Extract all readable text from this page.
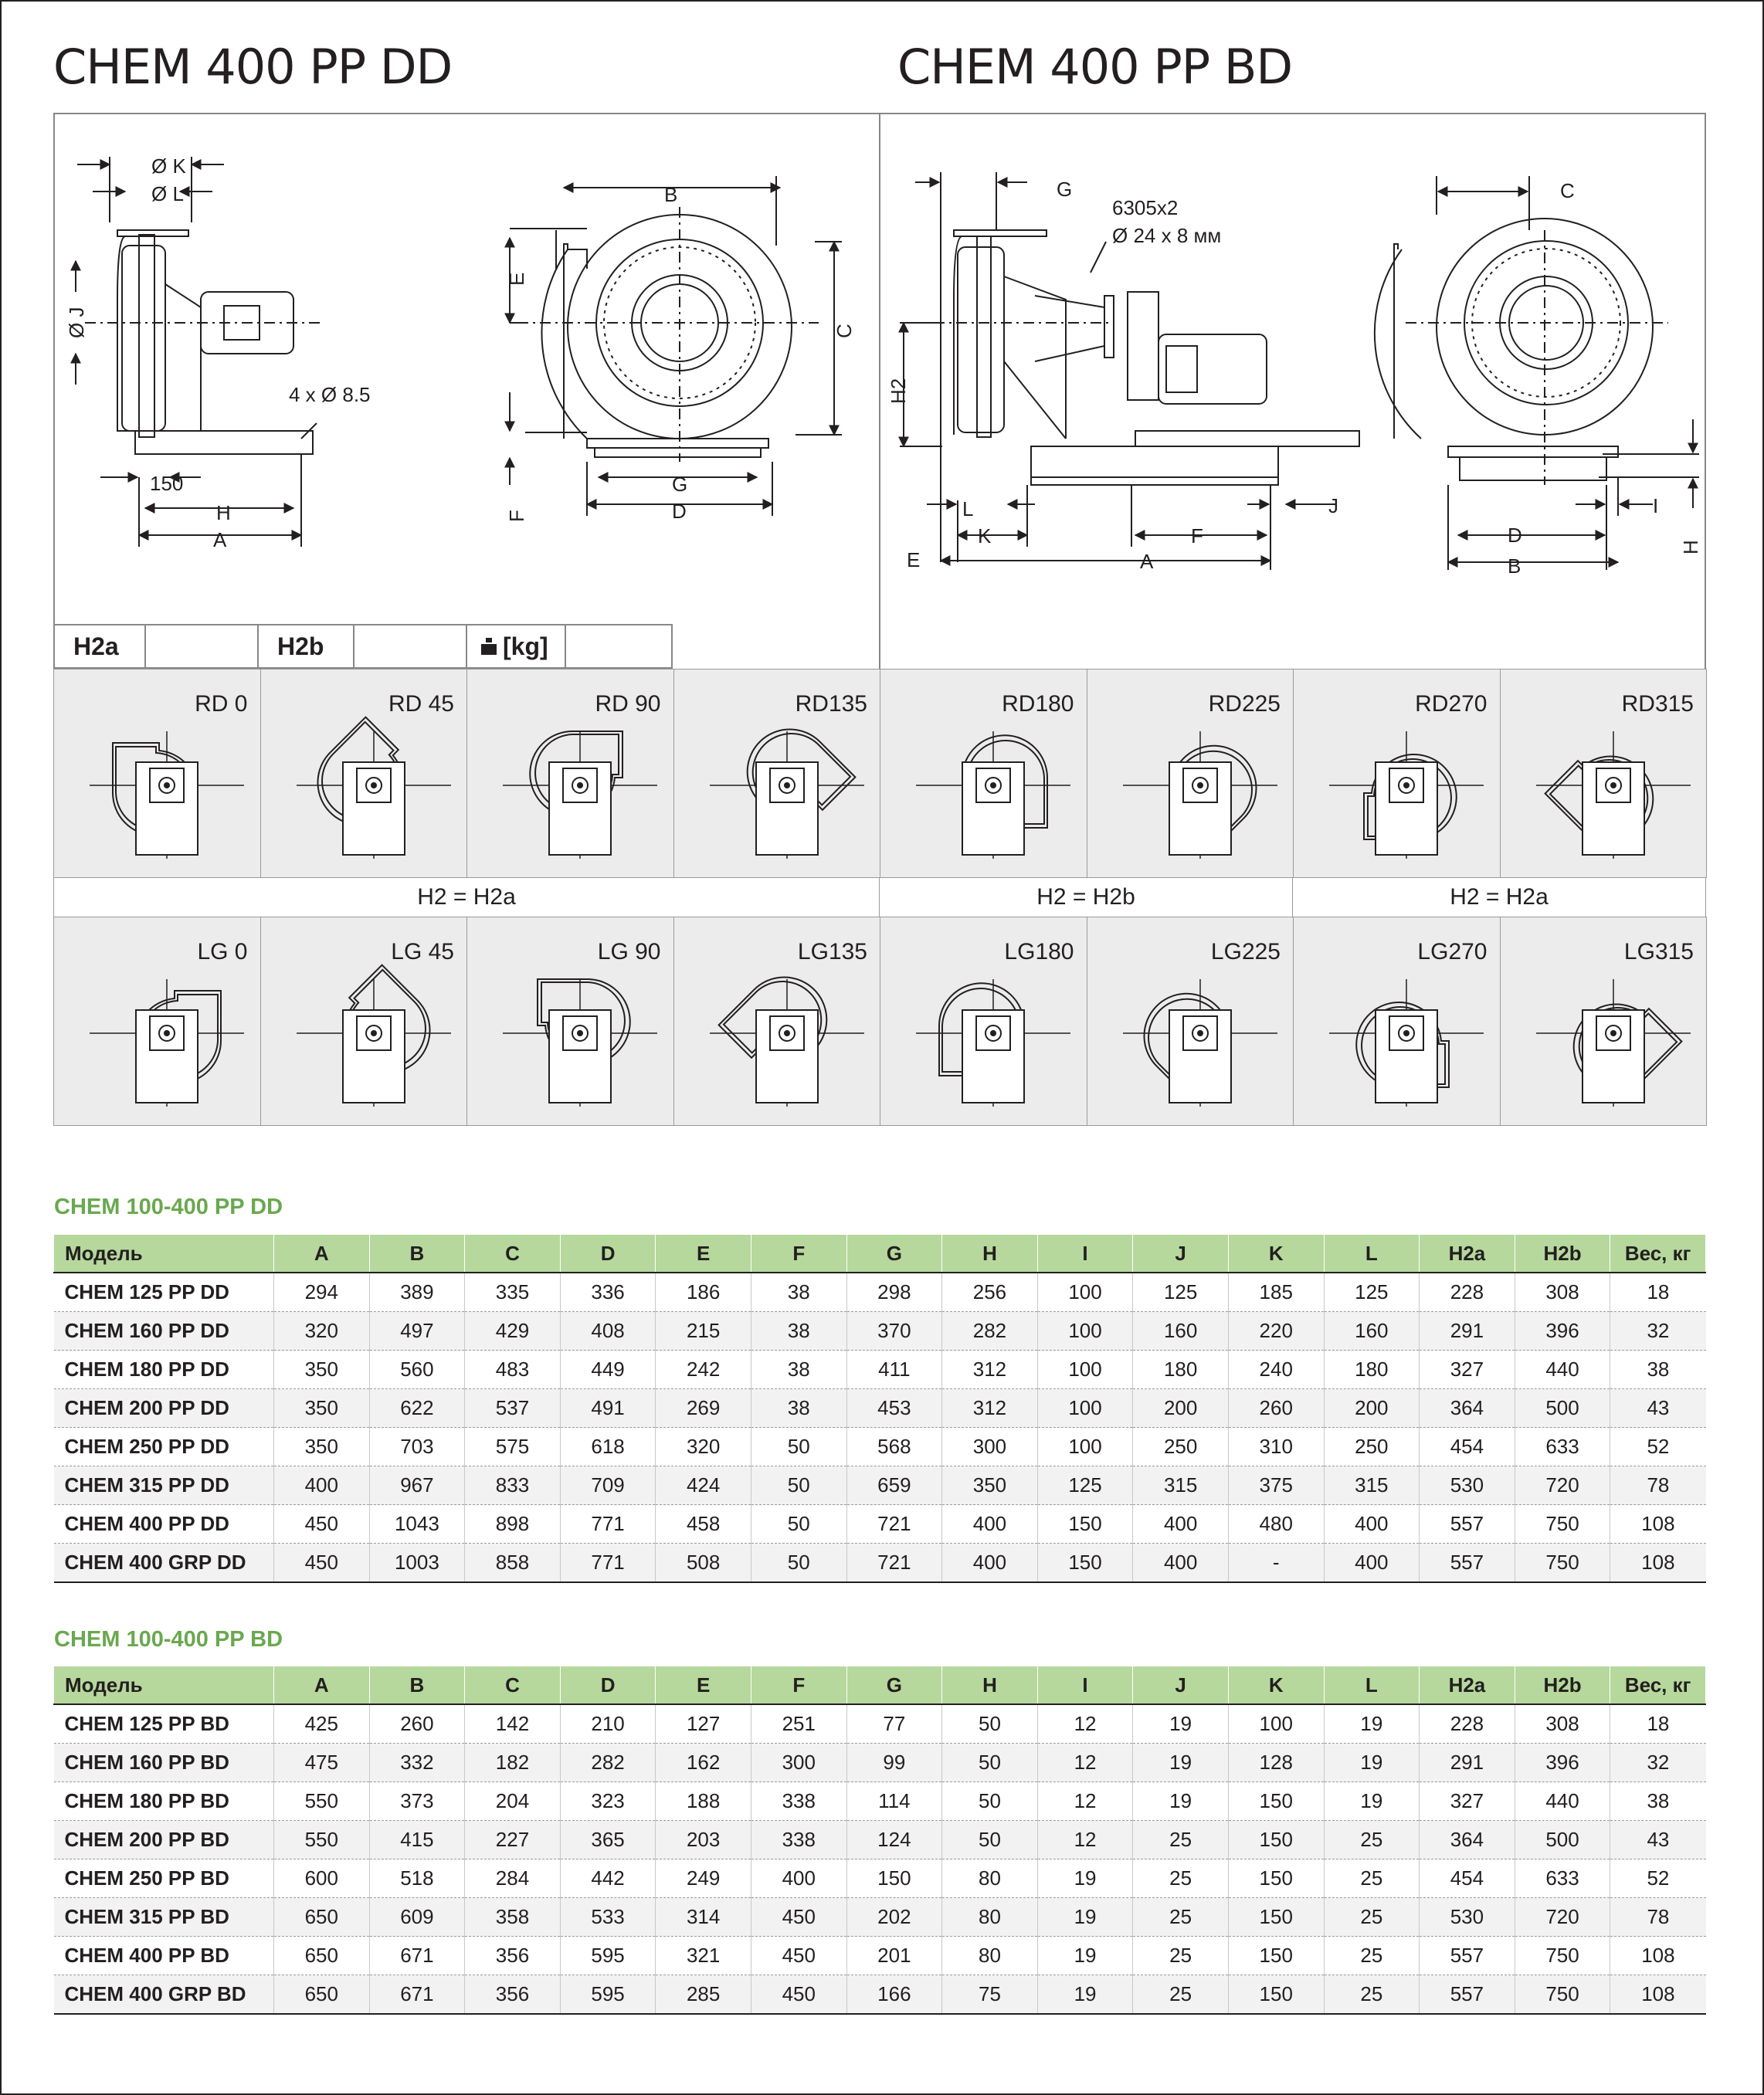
CHEM 400 PP DD	CHEM 400 PP BD
Ø K
Ø L
Ø J
4 x Ø 8.5
150
H
A
B
E
C
F
G
D
G
6305x2
Ø 24 x 8 мм
H2
L
K
E	A
F
J
C
I
H
D
B
H2a	H2b	[kg]
RD 0	RD 45	RD 90	RD135	RD180	RD225	RD270	RD315
LG 0	LG 45	LG 90	LG135	LG180	LG225	LG270	LG315
H2 = H2a	H2 = H2b	H2 = H2a
CHEM 100-400 PP DD
Модель	A	B	C	D	E	F	G	H	I	J	K	L	H2a	H2b	Вес, кг
CHEM 125 PP DD	294	389	335	336	186	38	298	256	100	125	185	125	228	308	18
CHEM 160 PP DD	320	497	429	408	215	38	370	282	100	160	220	160	291	396	32
CHEM 180 PP DD	350	560	483	449	242	38	411	312	100	180	240	180	327	440	38
CHEM 200 PP DD	350	622	537	491	269	38	453	312	100	200	260	200	364	500	43
CHEM 250 PP DD	350	703	575	618	320	50	568	300	100	250	310	250	454	633	52
CHEM 315 PP DD	400	967	833	709	424	50	659	350	125	315	375	315	530	720	78
CHEM 400 PP DD	450	1043	898	771	458	50	721	400	150	400	480	400	557	750	108
CHEM 400 GRP DD	450	1003	858	771	508	50	721	400	150	400	-	400	557	750	108
CHEM 100-400 PP BD
Модель	A	B	C	D	E	F	G	H	I	J	K	L	H2a	H2b	Вес, кг
CHEM 125 PP BD	425	260	142	210	127	251	77	50	12	19	100	19	228	308	18
CHEM 160 PP BD	475	332	182	282	162	300	99	50	12	19	128	19	291	396	32
CHEM 180 PP BD	550	373	204	323	188	338	114	50	12	19	150	19	327	440	38
CHEM 200 PP BD	550	415	227	365	203	338	124	50	12	25	150	25	364	500	43
CHEM 250 PP BD	600	518	284	442	249	400	150	80	19	25	150	25	454	633	52
CHEM 315 PP BD	650	609	358	533	314	450	202	80	19	25	150	25	530	720	78
CHEM 400 PP BD	650	671	356	595	321	450	201	80	19	25	150	25	557	750	108
CHEM 400 GRP BD	650	671	356	595	285	450	166	75	19	25	150	25	557	750	108
